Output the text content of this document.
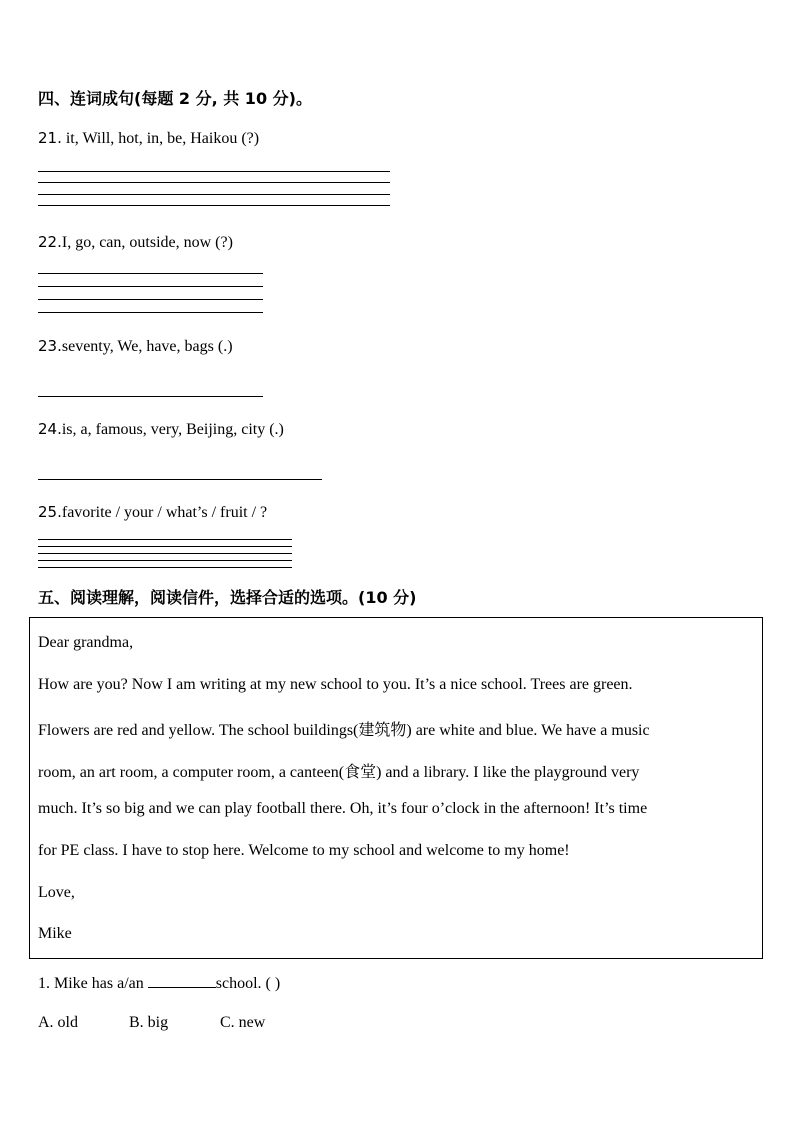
四、连词成句(每题 2 分, 共 10 分)。
21. it, Will, hot, in, be, Haikou (?)
22.I, go, can, outside, now (?)
23.seventy, We, have, bags (.)
24.is, a, famous, very, Beijing, city (.)
25.favorite / your / what’s / fruit / ?
五、阅读理解，阅读信件，选择合适的选项。(10 分)
Dear grandma,
How are you? Now I am writing at my new school to you. It’s a nice school. Trees are green.
Flowers are red and yellow. The school buildings(建筑物) are white and blue. We have a music
room, an art room, a computer room, a canteen(食堂) and a library. I like the playground very
much. It’s so big and we can play football there. Oh, it’s four o’clock in the afternoon! It’s time
for PE class. I have to stop here. Welcome to my school and welcome to my home!
Love,
Mike
1. Mike has a/an	school. ( )
A. old	B. big	C. new
